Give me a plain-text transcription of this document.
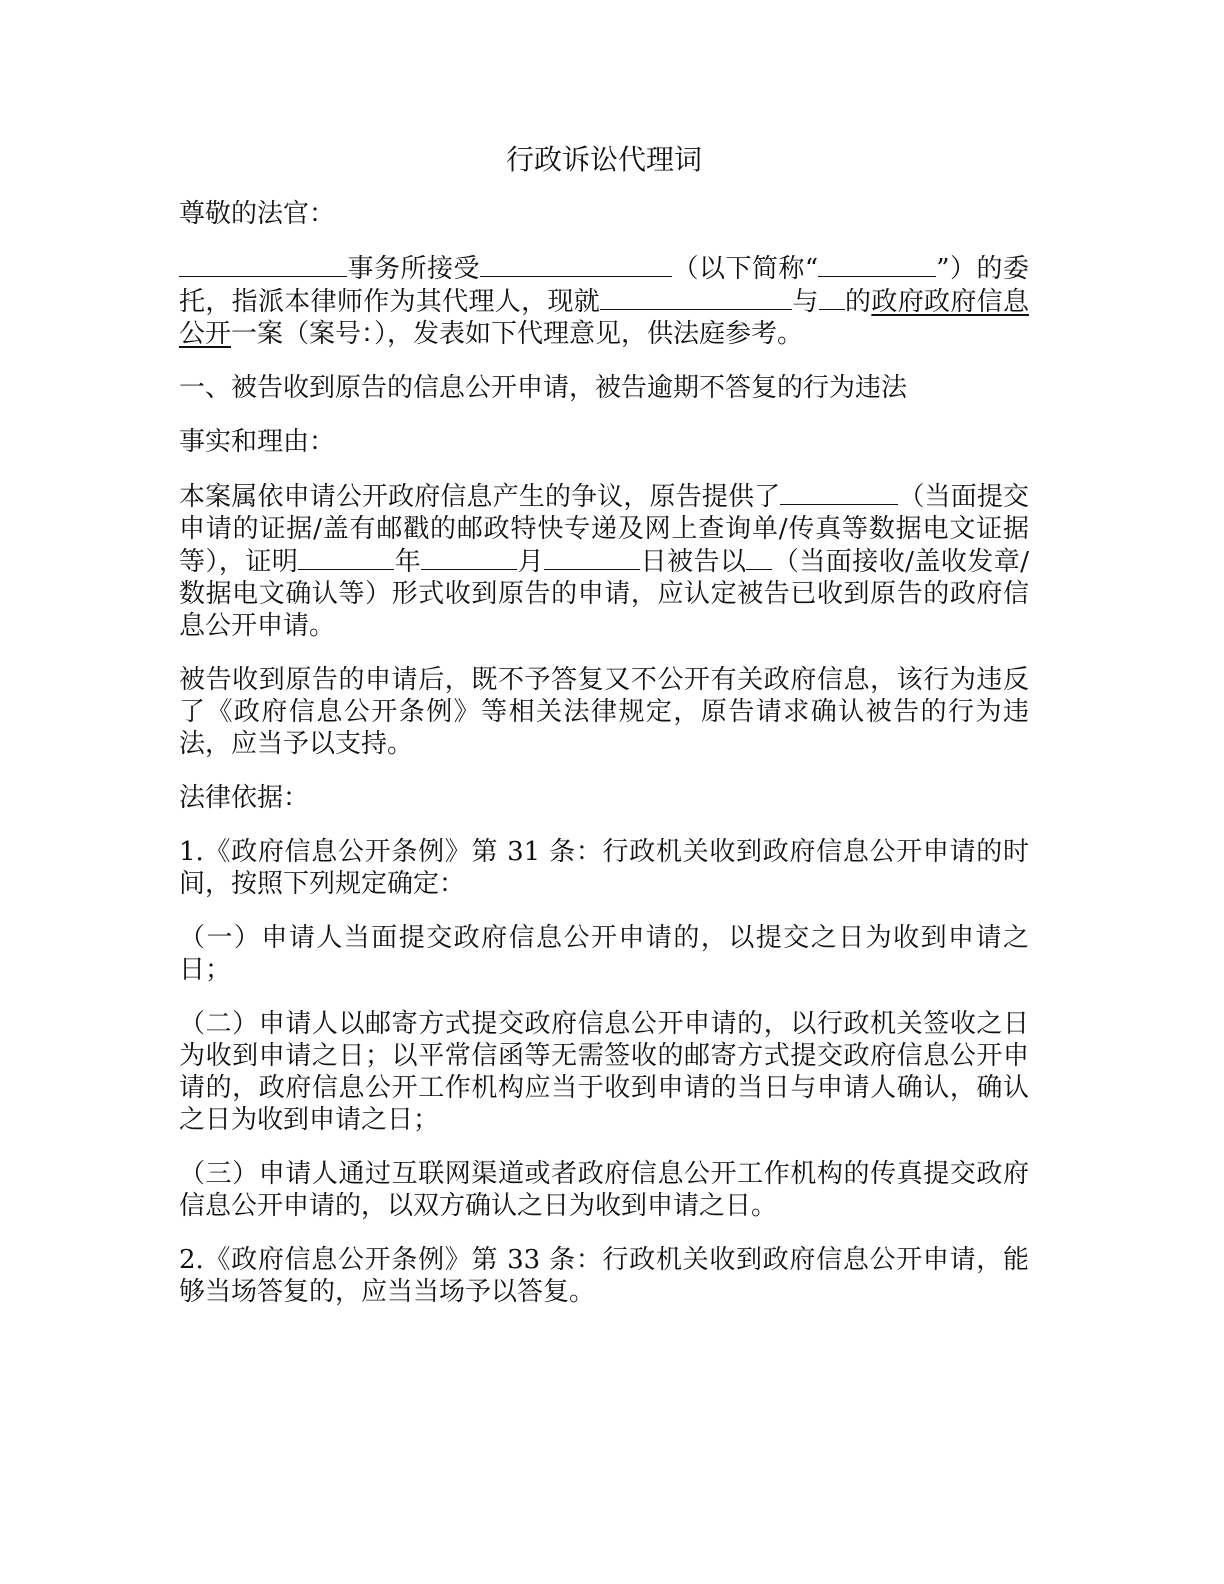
行政诉讼代理词

尊敬的法官：

事务所接受	（以下简称“	”）的委托，指派本律师作为其代理人，现就	与 的政府政府信息公开一案（案号：），发表如下代理意见，供法庭参考。

一、被告收到原告的信息公开申请，被告逾期不答复的行为违法

事实和理由：

本案属依申请公开政府信息产生的争议，原告提供了	（当面提交申请的证据/盖有邮戳的邮政特快专递及网上查询单/传真等数据电文证据等），证明	年	月	日被告以 （当面接收/盖收发章/数据电文确认等）形式收到原告的申请，应认定被告已收到原告的政府信息公开申请。

被告收到原告的申请后，既不予答复又不公开有关政府信息，该行为违反了《政府信息公开条例》等相关法律规定，原告请求确认被告的行为违法，应当予以支持。

法律依据：

1.《政府信息公开条例》第 31 条：行政机关收到政府信息公开申请的时间，按照下列规定确定：

（一）申请人当面提交政府信息公开申请的，以提交之日为收到申请之日；

（二）申请人以邮寄方式提交政府信息公开申请的，以行政机关签收之日为收到申请之日；以平常信函等无需签收的邮寄方式提交政府信息公开申请的，政府信息公开工作机构应当于收到申请的当日与申请人确认，确认之日为收到申请之日；

（三）申请人通过互联网渠道或者政府信息公开工作机构的传真提交政府信息公开申请的，以双方确认之日为收到申请之日。

2.《政府信息公开条例》第 33 条：行政机关收到政府信息公开申请，能够当场答复的，应当当场予以答复。
